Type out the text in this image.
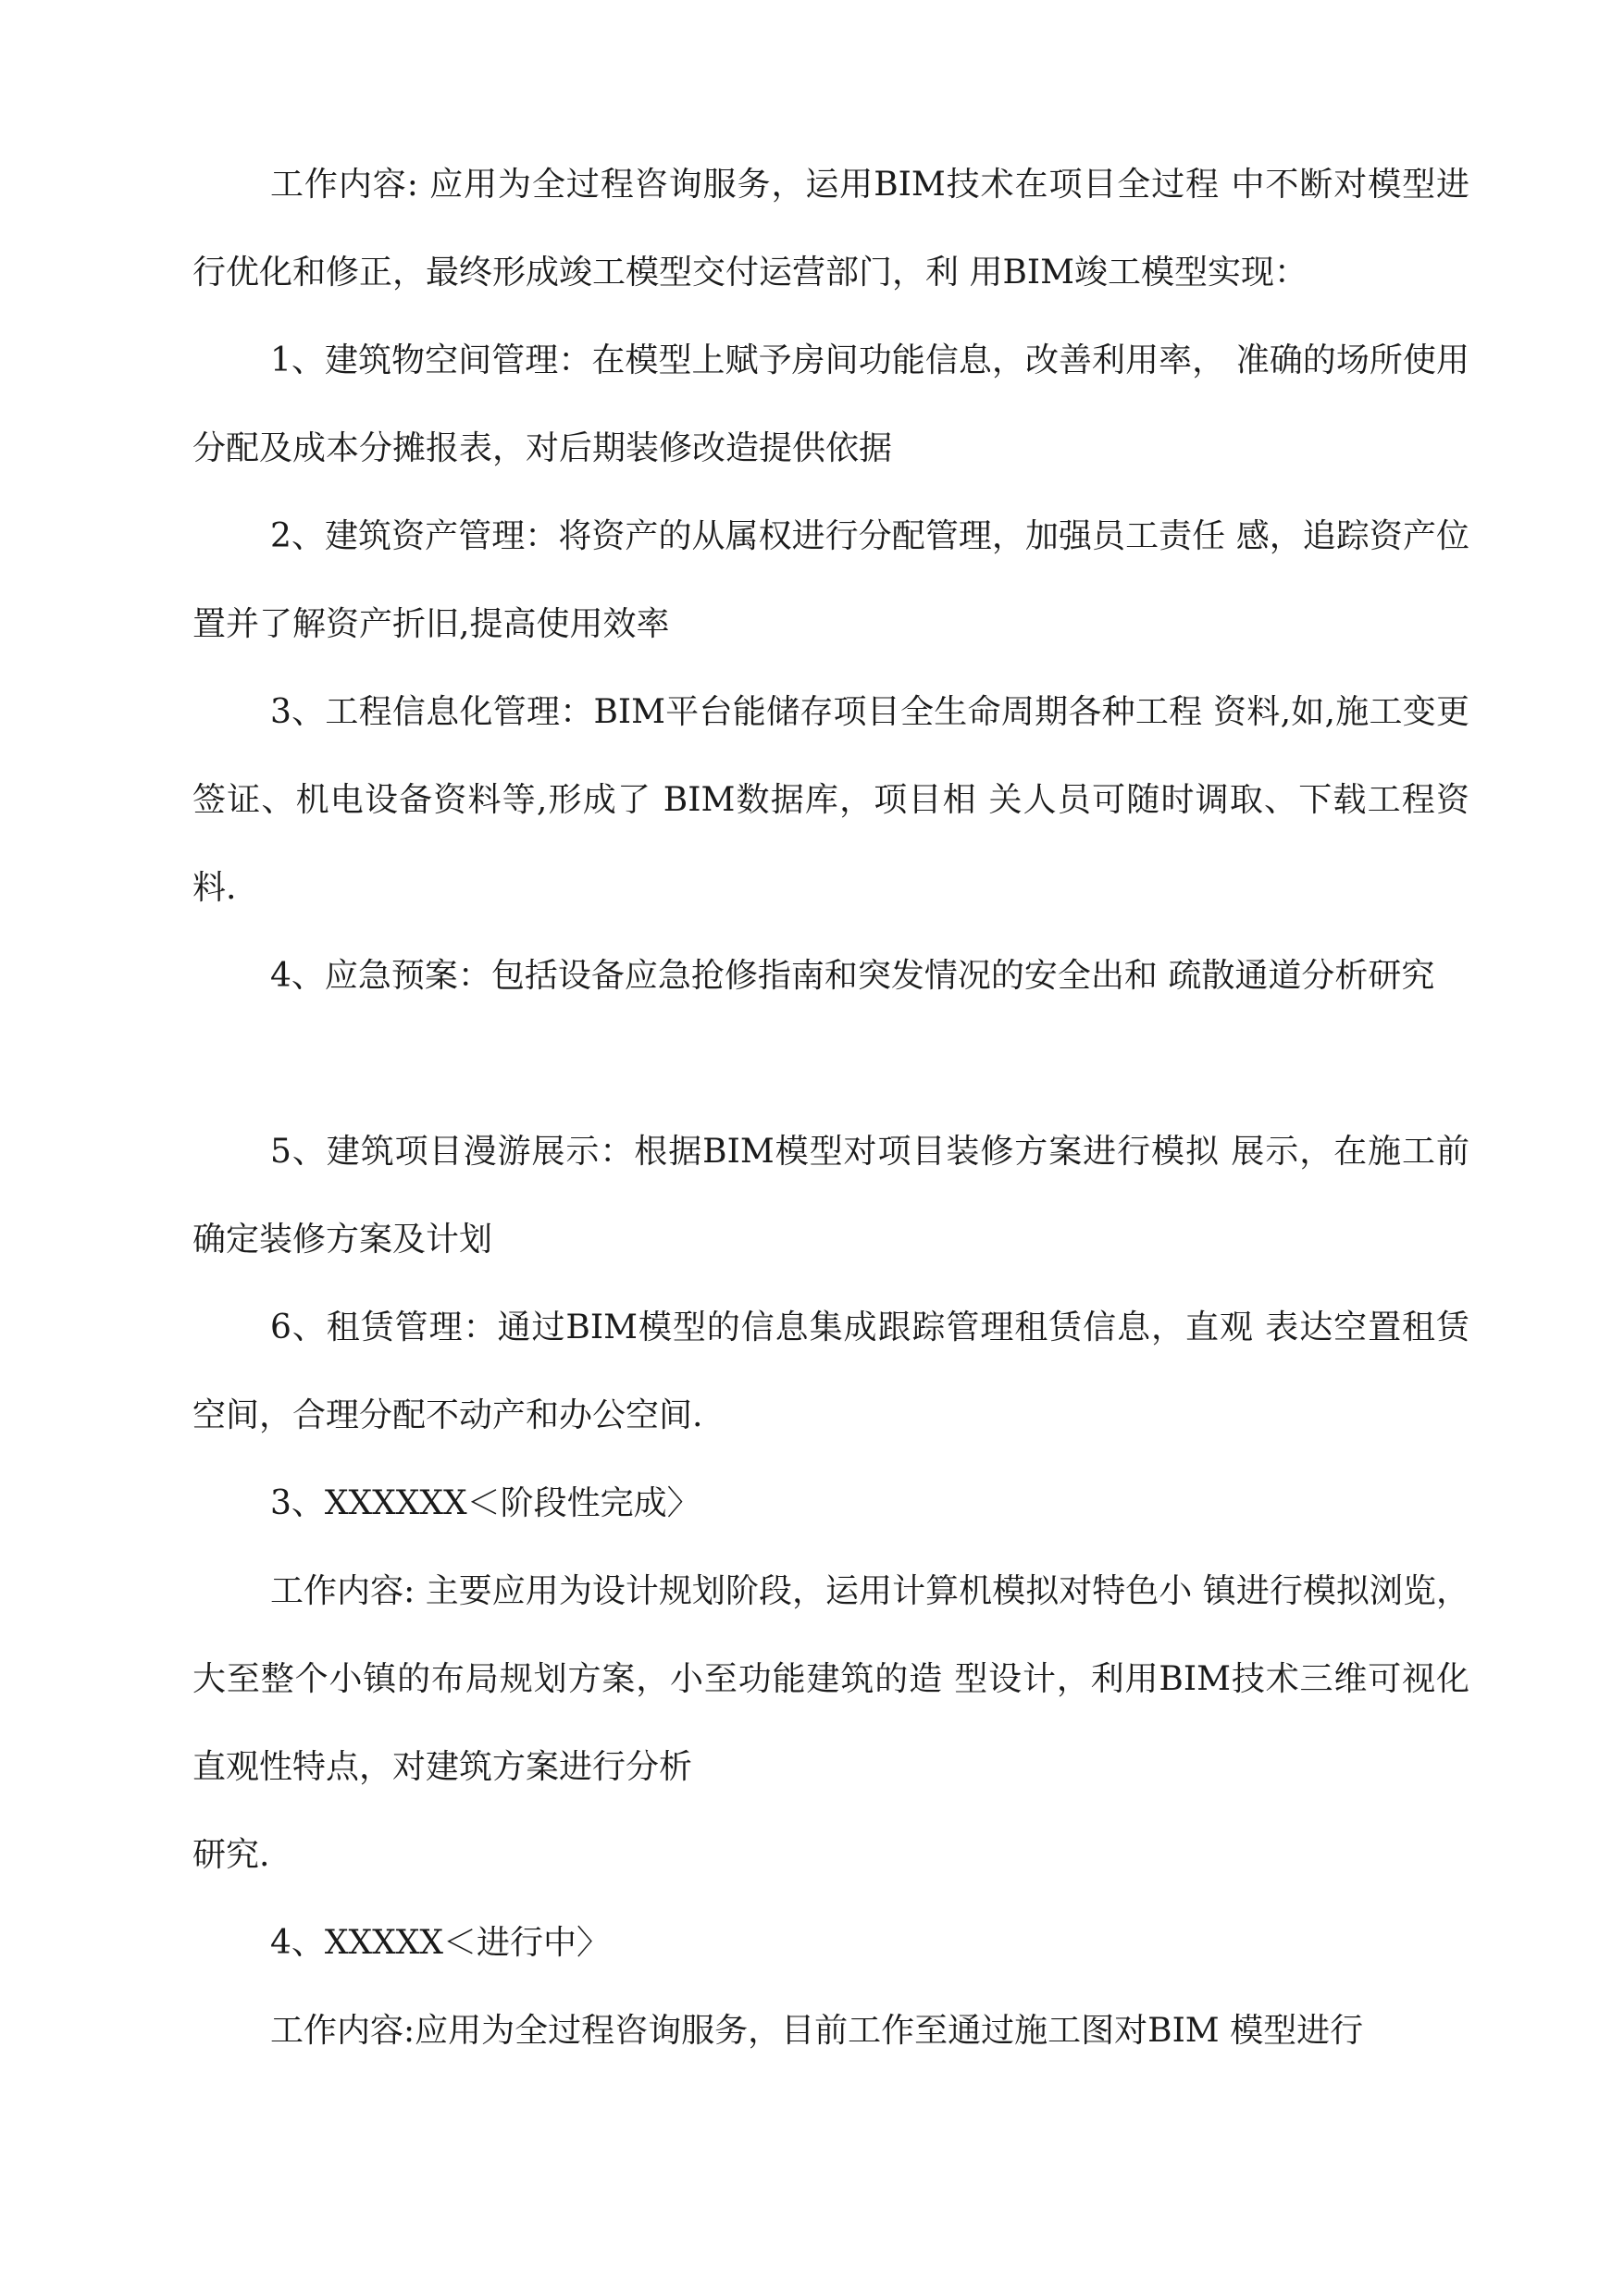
工作内容: 应用为全过程咨询服务，运用BIM技术在项目全过程 中不断对模型进行优化和修正，最终形成竣工模型交付运营部门，利 用BIM竣工模型实现：

1、建筑物空间管理：在模型上赋予房间功能信息，改善利用率， 准确的场所使用分配及成本分摊报表，对后期装修改造提供依据

2、建筑资产管理：将资产的从属权进行分配管理，加强员工责任 感，追踪资产位置并了解资产折旧,提高使用效率

3、工程信息化管理：BIM平台能储存项目全生命周期各种工程 资料,如,施工变更签证、机电设备资料等,形成了 BIM数据库，项目相 关人员可随时调取、下载工程资料.

4、应急预案：包括设备应急抢修指南和突发情况的安全出和 疏散通道分析研究

5、建筑项目漫游展示：根据BIM模型对项目装修方案进行模拟 展示，在施工前确定装修方案及计划

6、租赁管理：通过BIM模型的信息集成跟踪管理租赁信息，直观 表达空置租赁空间，合理分配不动产和办公空间.

3、XXXXXX＜阶段性完成〉

工作内容: 主要应用为设计规划阶段，运用计算机模拟对特色小 镇进行模拟浏览，大至整个小镇的布局规划方案，小至功能建筑的造 型设计，利用BIM技术三维可视化直观性特点，对建筑方案进行分析

研究.

4、XXXXX＜进行中〉

工作内容:应用为全过程咨询服务，目前工作至通过施工图对BIM 模型进行
